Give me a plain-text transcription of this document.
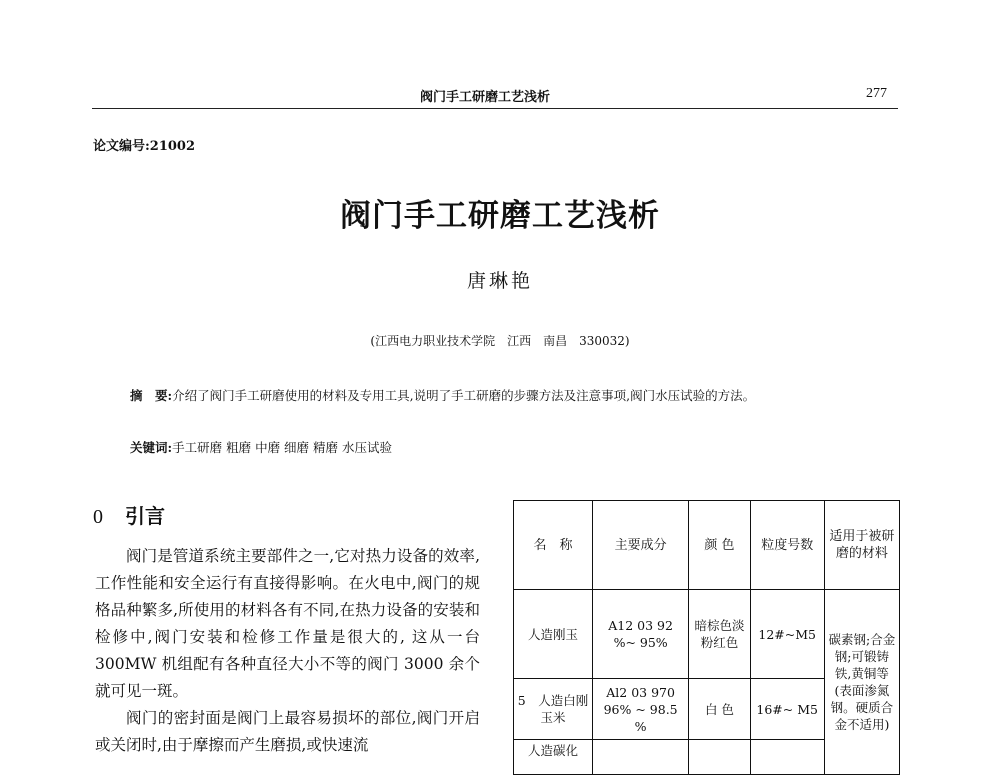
阀门手工研磨工艺浅析	277
论文编号:21002
阀门手工研磨工艺浅析
唐琳艳
(江西电力职业技术学院　江西　南昌　330032)
摘　要:介绍了阀门手工研磨使用的材料及专用工具,说明了手工研磨的步骤方法及注意事项,阀门水压试验的方法。
关键词:手工研磨 粗磨 中磨 细磨 精磨 水压试验
0 引言

阀门是管道系统主要部件之一,它对热力设备的效率,工作性能和安全运行有直接得影响。在火电中,阀门的规格品种繁多,所使用的材料各有不同,在热力设备的安装和检修中,阀门安装和检修工作量是很大的, 这从一台 300MW 机组配有各种直径大小不等的阀门 3000 余个就可见一斑。

阀门的密封面是阀门上最容易损坏的部位,阀门开启或关闭时,由于摩擦而产生磨损,或快速流

名　称	主要成分	颜 色	粒度号数	适用于被研磨的材料
人造刚玉	A12 03 92 %~ 95%	暗棕色淡粉红色	12#~M5	碳素钢;合金钢;可锻铸铁,黄铜等(表面渗氮钢。硬质合金不适用)
5　人造白刚玉米	Al2 03 970　96% ~ 98.5 %	白 色	16#~ M5	
人造碳化				
